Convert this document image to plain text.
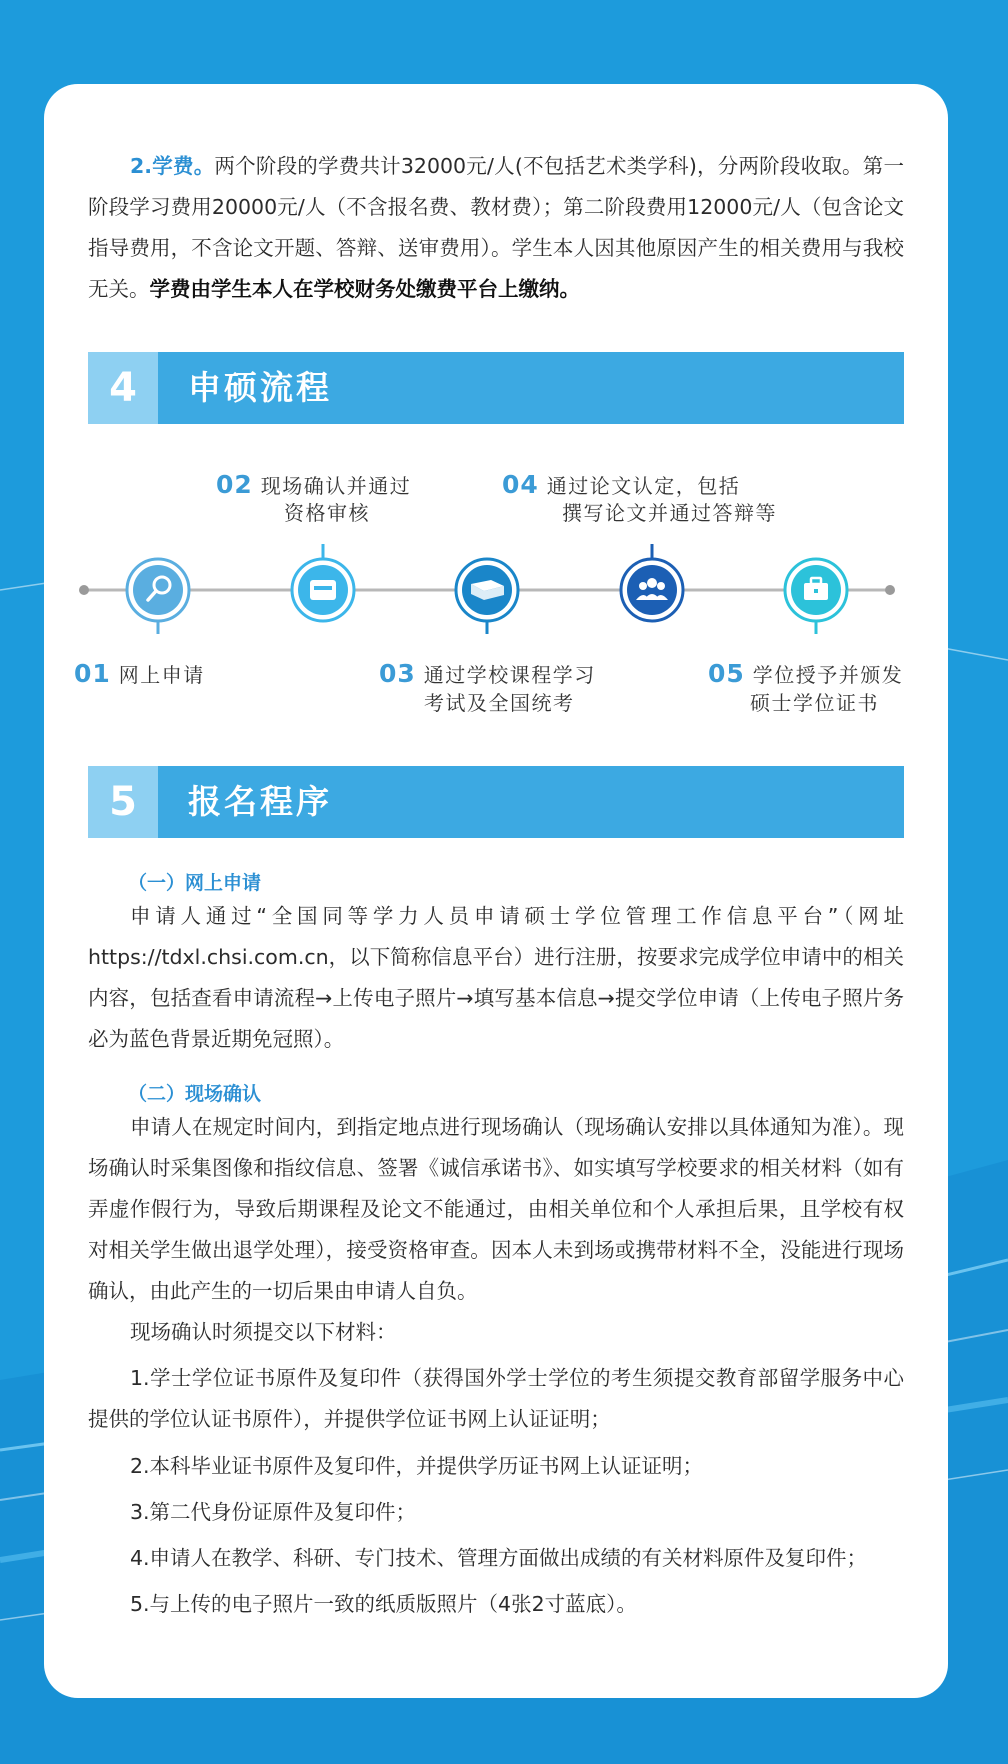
2.学费。两个阶段的学费共计32000元/人(不包括艺术类学科)，分两阶段收取。第一阶段学习费用20000元/人（不含报名费、教材费）；第二阶段费用12000元/人（包含论文指导费用，不含论文开题、答辩、送审费用）。学生本人因其他原因产生的相关费用与我校无关。学费由学生本人在学校财务处缴费平台上缴纳。

4	申硕流程
01 网上申请
02 现场确认并通过
资格审核
03 通过学校课程学习
考试及全国统考
04 通过论文认定，包括
撰写论文并通过答辩等
05 学位授予并颁发
硕士学位证书
5	报名程序
（一）网上申请

申请人通过“全国同等学力人员申请硕士学位管理工作信息平台”（网址https://tdxl.chsi.com.cn，以下简称信息平台）进行注册，按要求完成学位申请中的相关内容，包括查看申请流程→上传电子照片→填写基本信息→提交学位申请（上传电子照片务必为蓝色背景近期免冠照）。

（二）现场确认

申请人在规定时间内，到指定地点进行现场确认（现场确认安排以具体通知为准）。现场确认时采集图像和指纹信息、签署《诚信承诺书》、如实填写学校要求的相关材料（如有弄虚作假行为，导致后期课程及论文不能通过，由相关单位和个人承担后果，且学校有权对相关学生做出退学处理），接受资格审查。因本人未到场或携带材料不全，没能进行现场确认，由此产生的一切后果由申请人自负。

现场确认时须提交以下材料：

1.学士学位证书原件及复印件（获得国外学士学位的考生须提交教育部留学服务中心提供的学位认证书原件），并提供学位证书网上认证证明；

2.本科毕业证书原件及复印件，并提供学历证书网上认证证明；

3.第二代身份证原件及复印件；

4.申请人在教学、科研、专门技术、管理方面做出成绩的有关材料原件及复印件；

5.与上传的电子照片一致的纸质版照片（4张2寸蓝底）。
